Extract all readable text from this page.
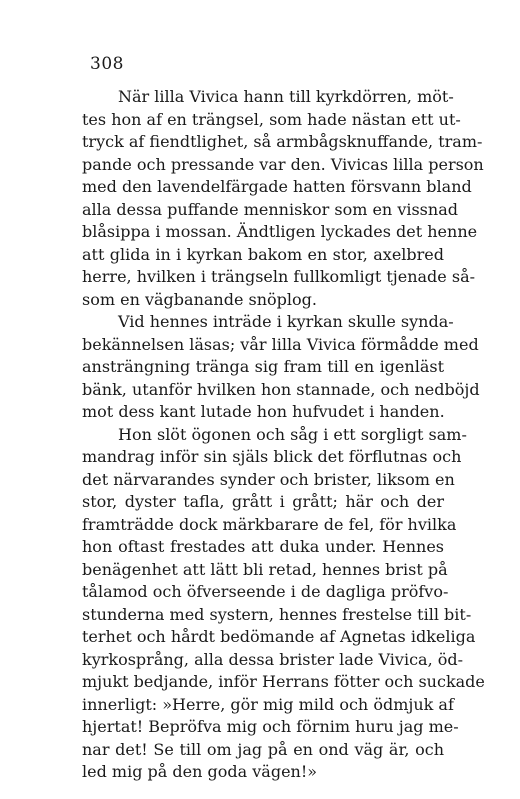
308
När lilla Vivica hann till kyrkdörren, möt-
tes hon af en trängsel, som hade nästan ett ut-
tryck af fiendtlighet, så armbågsknuffande, tram-
pande och pressande var den. Vivicas lilla person
med den lavendelfärgade hatten försvann bland
alla dessa puffande menniskor som en vissnad
blåsippa i mossan. Ändtligen lyckades det henne
att glida in i kyrkan bakom en stor, axelbred
herre, hvilken i trängseln fullkomligt tjenade så-
som en vägbanande snöplog.
Vid hennes inträde i kyrkan skulle synda-
bekännelsen läsas; vår lilla Vivica förmådde med
ansträngning tränga sig fram till en igenläst
bänk, utanför hvilken hon stannade, och nedböjd
mot dess kant lutade hon hufvudet i handen.
Hon slöt ögonen och såg i ett sorgligt sam-
mandrag inför sin själs blick det förflutnas och
det närvarandes synder och brister, liksom en
stor, dyster tafla, grått i grått; här och der
framträdde dock märkbarare de fel, för hvilka
hon oftast frestades att duka under. Hennes
benägenhet att lätt bli retad, hennes brist på
tålamod och öfverseende i de dagliga pröfvo-
stunderna med systern, hennes frestelse till bit-
terhet och hårdt bedömande af Agnetas idkeliga
kyrkosprång, alla dessa brister lade Vivica, öd-
mjukt bedjande, inför Herrans fötter och suckade
innerligt: »Herre, gör mig mild och ödmjuk af
hjertat! Bepröfva mig och förnim huru jag me-
nar det! Se till om jag på en ond väg är, och
led mig på den goda vägen!»
